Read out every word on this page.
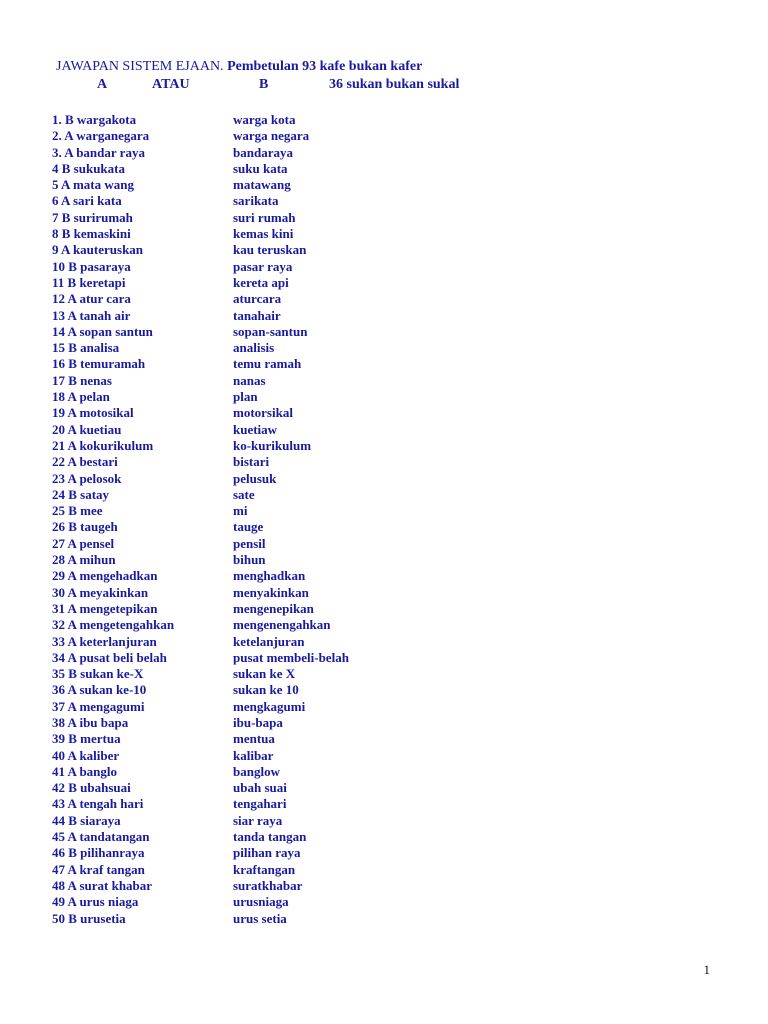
JAWAPAN SISTEM EJAAN. Pembetulan 93 kafe bukan kafer
A	ATAU	B	36 sukan bukan sukal
1. B wargakota	warga kota
2. A warganegara	warga negara
3. A bandar raya	bandaraya
4 B sukukata	suku kata
5 A mata wang	matawang
6 A sari kata	sarikata
7 B surirumah	suri rumah
8 B kemaskini	kemas kini
9 A kauteruskan	kau teruskan
10 B pasaraya	pasar raya
11 B keretapi	kereta api
12 A atur cara	aturcara
13 A tanah air	tanahair
14 A sopan santun	sopan-santun
15 B analisa	analisis
16 B temuramah	temu ramah
17 B nenas	nanas
18 A pelan	plan
19 A motosikal	motorsikal
20 A kuetiau	kuetiaw
21 A kokurikulum	ko-kurikulum
22 A bestari	bistari
23 A pelosok	pelusuk
24 B satay	sate
25 B mee	mi
26 B taugeh	tauge
27 A pensel	pensil
28 A mihun	bihun
29 A mengehadkan	menghadkan
30 A meyakinkan	menyakinkan
31 A mengetepikan	mengenepikan
32 A mengetengahkan	mengenengahkan
33 A keterlanjuran	ketelanjuran
34 A pusat beli belah	pusat membeli-belah
35 B sukan ke-X	sukan ke X
36 A sukan ke-10	sukan ke 10
37 A mengagumi	mengkagumi
38 A ibu bapa	ibu-bapa
39 B mertua	mentua
40 A kaliber	kalibar
41 A banglo	banglow
42 B ubahsuai	ubah suai
43 A tengah hari	tengahari
44 B siaraya	siar raya
45 A tandatangan	tanda tangan
46 B pilihanraya	pilihan raya
47 A kraf tangan	kraftangan
48 A surat khabar	suratkhabar
49 A urus niaga	urusniaga
50 B urusetia	urus setia
1
